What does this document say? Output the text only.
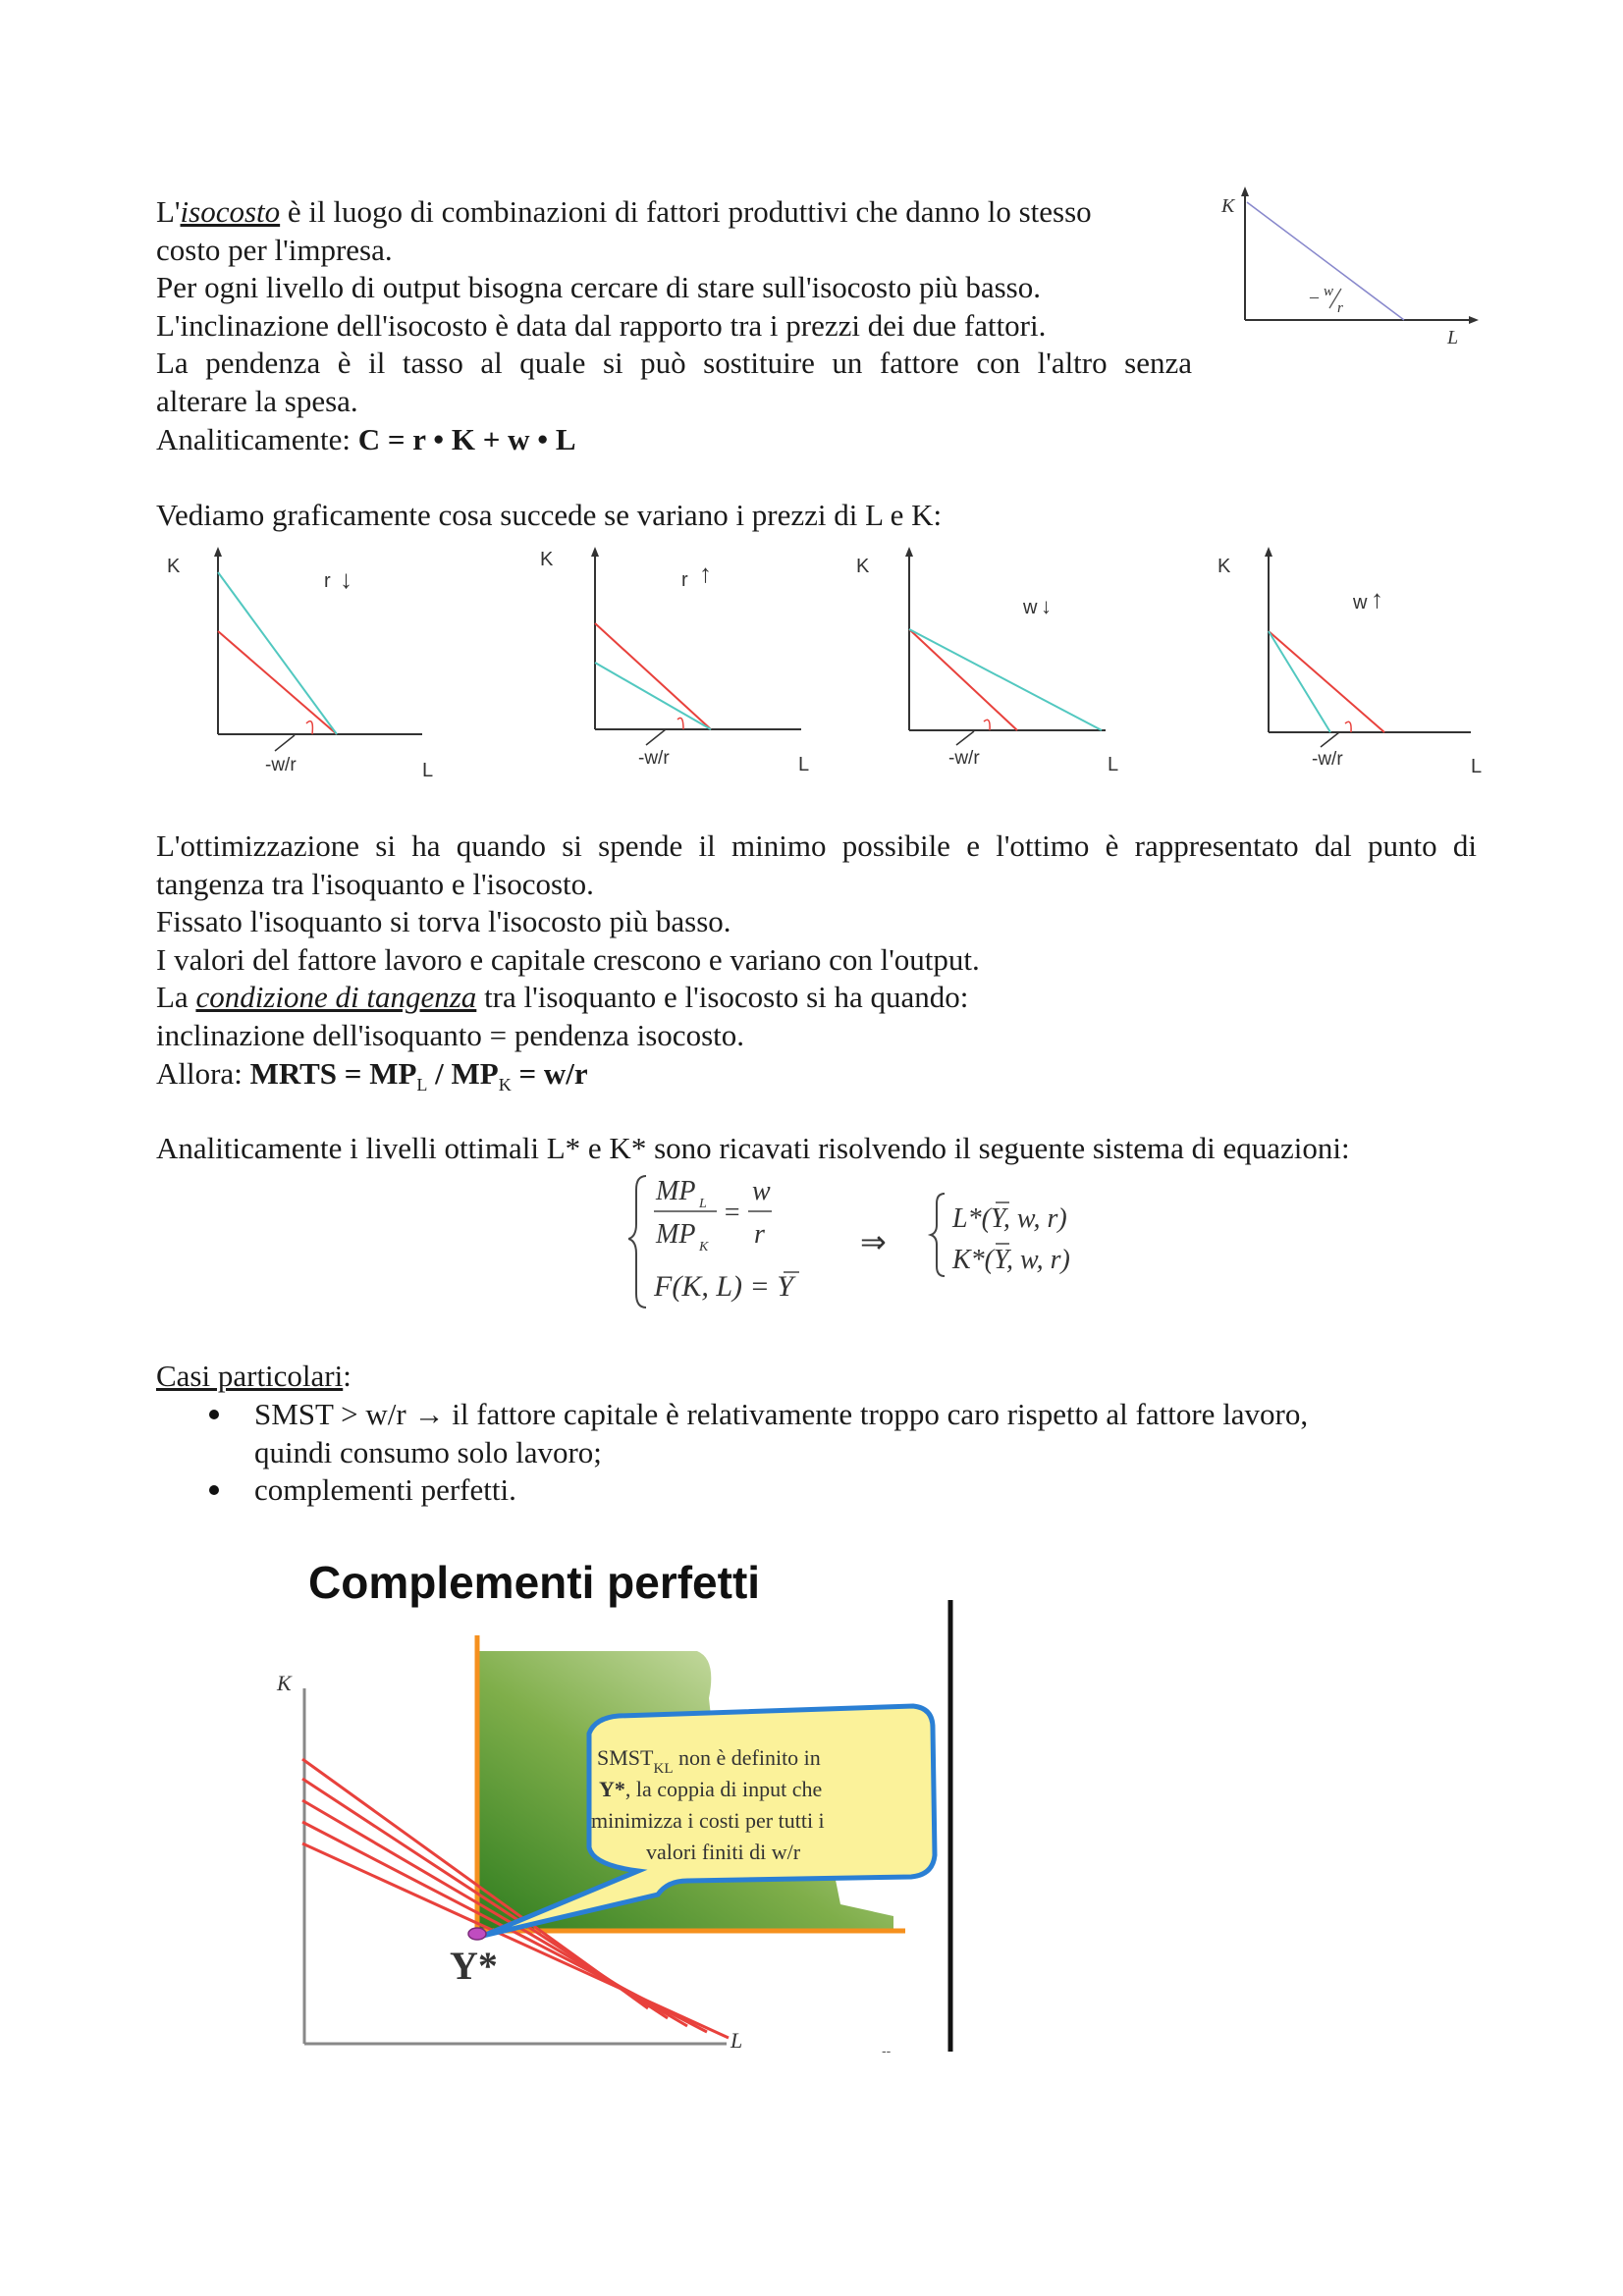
L'isocosto è il luogo di combinazioni di fattori produttivi che danno lo stesso
costo per l'impresa.
Per ogni livello di output bisogna cercare di stare sull'isocosto più basso.
L'inclinazione dell'isocosto è data dal rapporto tra i prezzi dei due fattori.
La pendenza è il tasso al quale si può sostituire un fattore con l'altro senza
alterare la spesa.
Analiticamente: C = r • K + w • L
K
L
– w
r
Vediamo graficamente cosa succede se variano i prezzi di L e K:
-w/r
K
L
r ↓
-w/r
K
L
r ↑
-w/r
K
L
w ↓
-w/r
K
L
w ↑
L'ottimizzazione si ha quando si spende il minimo possibile e l'ottimo è rappresentato dal punto di
tangenza tra l'isoquanto e l'isocosto.
Fissato l'isoquanto si torva l'isocosto più basso.
I valori del fattore lavoro e capitale crescono e variano con l'output.
La condizione di tangenza tra l'isoquanto e l'isocosto si ha quando:
inclinazione dell'isoquanto = pendenza isocosto.
Allora: MRTS = $MP_L / MP_K = w/r$
Analiticamente i livelli ottimali L* e K* sono ricavati risolvendo il seguente sistema di equazioni:
MP L
MP K
=
w
r
F(K, L) = Y
⇒
L*(Y, w, r)
K*(Y, w, r)
Casi particolari:
SMST > w/r → il fattore capitale è relativamente troppo caro rispetto al fattore lavoro,
quindi consumo solo lavoro;
complementi perfetti.
Complementi perfetti
K
L
$SMST_{KL}$ non è definito in
Y*, la coppia di input che
minimizza i costi per tutti i
valori finiti di w/r
Y*
--
